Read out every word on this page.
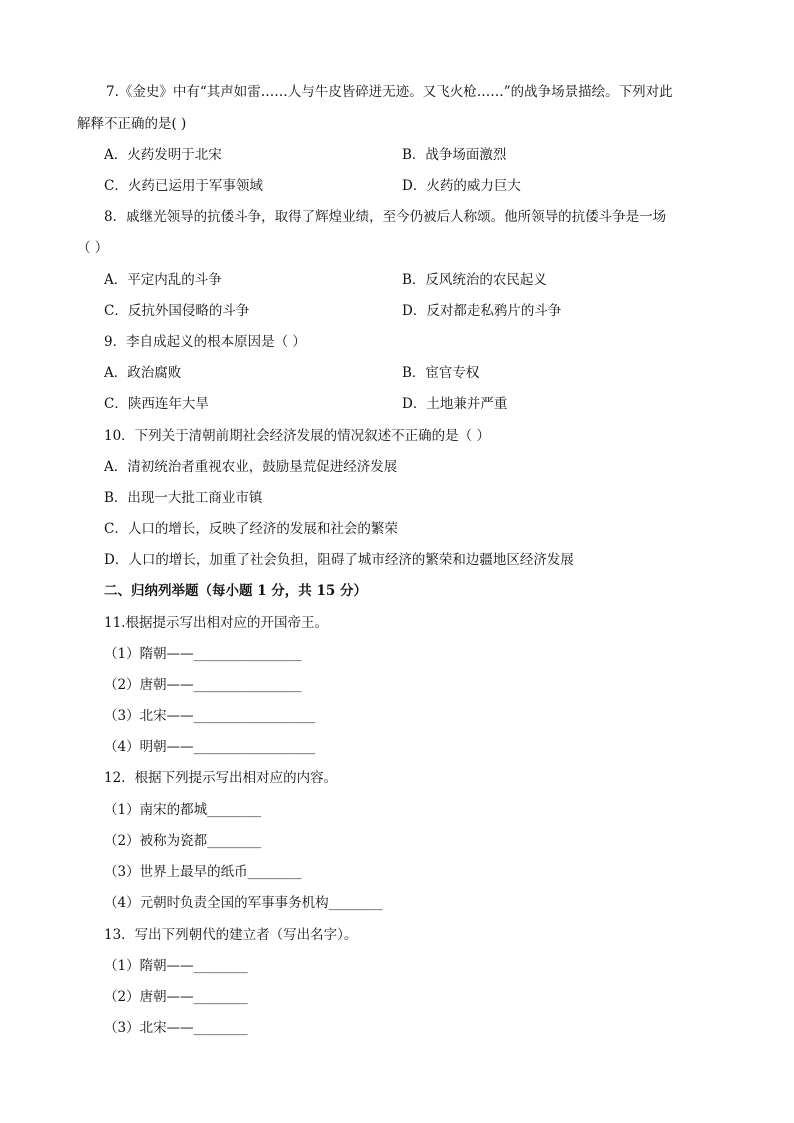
7.《金史》中有“其声如雷……人与牛皮皆碎迸无迹。又飞火枪……”的战争场景描绘。下列对此
解释不正确的是( )
A．火药发明于北宋	B．战争场面激烈
C．火药已运用于军事领域	D．火药的威力巨大
8．戚继光领导的抗倭斗争，取得了辉煌业绩，至今仍被后人称颂。他所领导的抗倭斗争是一场
（ ）
A．平定内乱的斗争	B．反风统治的农民起义
C．反抗外国侵略的斗争	D．反对都走私鸦片的斗争
9．李自成起义的根本原因是（ ）
A．政治腐败	B．宦官专权
C．陕西连年大旱	D．土地兼并严重
10．下列关于清朝前期社会经济发展的情况叙述不正确的是（ ）
A．清初统治者重视农业，鼓励垦荒促进经济发展
B．出现一大批工商业市镇
C．人口的增长，反映了经济的发展和社会的繁荣
D．人口的增长，加重了社会负担，阻碍了城市经济的繁荣和边疆地区经济发展
二、归纳列举题（每小题 1 分，共 15 分）
11.根据提示写出相对应的开国帝王。
（1）隋朝——________________
（2）唐朝——________________
（3）北宋——__________________
（4）明朝——__________________
12．根据下列提示写出相对应的内容。
（1）南宋的都城________
（2）被称为瓷都________
（3）世界上最早的纸币________
（4）元朝时负责全国的军事事务机构________
13．写出下列朝代的建立者（写出名字）。
（1）隋朝——________
（2）唐朝——________
（3）北宋——________
